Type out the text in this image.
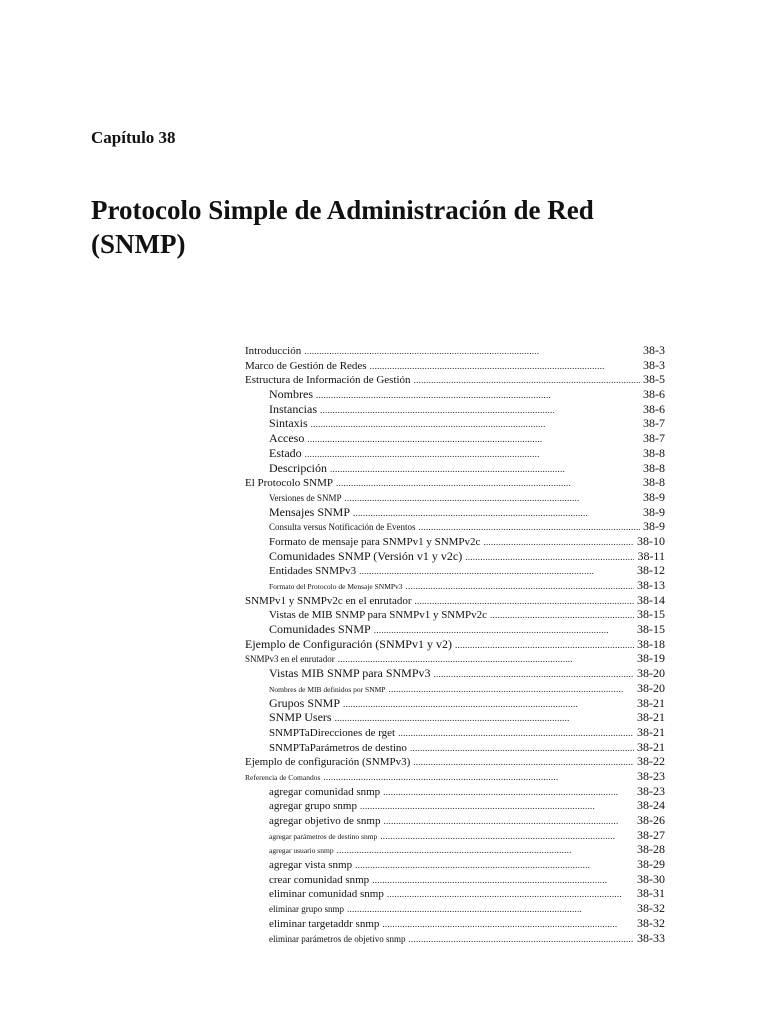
Capítulo 38
Protocolo Simple de Administración de Red
(SNMP)
Introducción . . .	38-3
Marco de Gestión de Redes . . .	38-3
Estructura de Información de Gestión . . .	38-5
Nombres . . .	38-6
Instancias . . .	38-6
Sintaxis . . .	38-7
Acceso . . .	38-7
Estado . . .	38-8
Descripción . . .	38-8
El Protocolo SNMP . . .	38-8
Versiones de SNMP . . .	38-9
Mensajes SNMP . . .	38-9
Consulta versus Notificación de Eventos . . .	38-9
Formato de mensaje para SNMPv1 y SNMPv2c . . .	38-10
Comunidades SNMP (Versión v1 y v2c) . . .	38-11
Entidades SNMPv3 . . .	38-12
Formato del Protocolo de Mensaje SNMPv3 . . .	38-13
SNMPv1 y SNMPv2c en el enrutador . . .	38-14
Vistas de MIB SNMP para SNMPv1 y SNMPv2c . . .	38-15
Comunidades SNMP . . .	38-15
Ejemplo de Configuración (SNMPv1 y v2) . . .	38-18
SNMPv3 en el enrutador . . .	38-19
Vistas MIB SNMP para SNMPv3 . . .	38-20
Nombres de MIB definidos por SNMP . . .	38-20
Grupos SNMP . . .	38-21
SNMP Users . . .	38-21
SNMPTaDirecciones de rget . . .	38-21
SNMPTaParámetros de destino . . .	38-21
Ejemplo de configuración (SNMPv3) . . .	38-22
Referencia de Comandos . . .	38-23
agregar comunidad snmp . . .	38-23
agregar grupo snmp . . .	38-24
agregar objetivo de snmp . . .	38-26
agregar parámetros de destino snmp . . .	38-27
agregar usuario snmp . . .	38-28
agregar vista snmp . . .	38-29
crear comunidad snmp . . .	38-30
eliminar comunidad snmp . . .	38-31
eliminar grupo snmp . . .	38-32
eliminar targetaddr snmp . . .	38-32
eliminar parámetros de objetivo snmp . . .	38-33
